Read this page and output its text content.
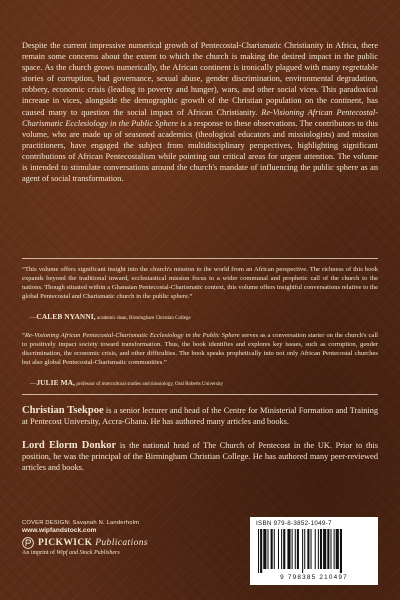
Despite the current impressive numerical growth of Pentecostal-Charismatic Christianity in Africa, there remain some concerns about the extent to which the church is making the desired impact in the public space. As the church grows numerically, the African continent is ironically plagued with many regrettable stories of corruption, bad governance, sexual abuse, gender discrimination, environmental degradation, robbery, economic crisis (leading to poverty and hunger), wars, and other social vices. This paradoxical increase in vices, alongside the demographic growth of the Christian population on the continent, has caused many to question the social impact of African Christianity. Re-Visioning African Pentecostal-Charismatic Ecclesiology in the Public Sphere is a response to these observations. The contributors to this volume, who are made up of seasoned academics (theological educators and missiologists) and mission practitioners, have engaged the subject from multidisciplinary perspectives, highlighting significant contributions of African Pentecostalism while pointing out critical areas for urgent attention. The volume is intended to stimulate conversations around the church's mandate of influencing the public sphere as an agent of social transformation.

“This volume offers significant insight into the church's mission to the world from an African perspective. The richness of this book expands beyond the traditional inward, ecclesiastical mission focus to a wider communal and prophetic call of the church to the nations. Though situated within a Ghanaian Pentecostal-Charismatic context, this volume offers insightful conversations relative to the global Pentecostal and Charismatic church in the public sphere.”

—CALEB NYANNI, academic dean, Birmingham Christian College

“Re-Visioning African Pentecostal-Charismatic Ecclesiology in the Public Sphere serves as a conversation starter on the church's call to positively impact society toward transformation. Thus, the book identifies and explores key issues, such as corruption, gender discrimination, the economic crisis, and other difficulties. The book speaks prophetically into not only African Pentecostal churches but also global Pentecostal-Charismatic communities.”

—JULIE MA, professor of intercultural studies and missiology, Oral Roberts University

Christian Tsekpoe is a senior lecturer and head of the Centre for Ministerial Formation and Training at Pentecost University, Accra-Ghana. He has authored many articles and books.

Lord Elorm Donkor is the national head of The Church of Pentecost in the UK. Prior to this position, he was the principal of the Birmingham Christian College. He has authored many peer-reviewed articles and books.

COVER DESIGN: Savanah N. Landerholm
www.wipfandstock.com
PICKWICK Publications
An imprint of Wipf and Stock Publishers
ISBN 979-8-3852-1049-7
9 798385 210497
